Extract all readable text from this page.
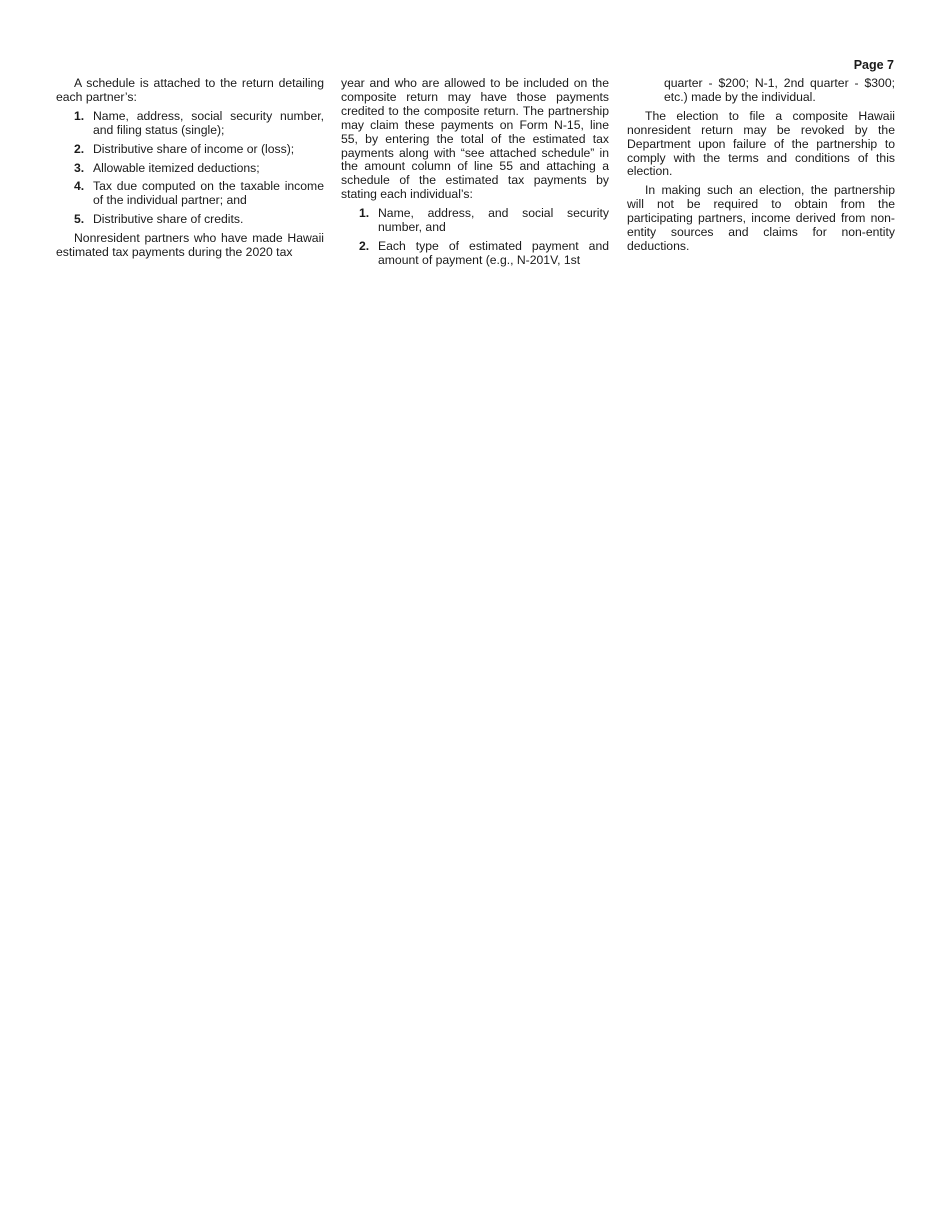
Page 7

A schedule is attached to the return detailing each partner’s:

1. Name, address, social security number, and filing status (single);
2. Distributive share of income or (loss);
3. Allowable itemized deductions;
4. Tax due computed on the taxable income of the individual partner; and
5. Distributive share of credits.

Nonresident partners who have made Hawaii estimated tax payments during the 2020 tax

year and who are allowed to be included on the composite return may have those payments credited to the composite return. The partnership may claim these payments on Form N-15, line 55, by entering the total of the estimated tax payments along with “see attached schedule” in the amount column of line 55 and attaching a schedule of the estimated tax payments by stating each individual’s:

1. Name, address, and social security number, and
2. Each type of estimated payment and amount of payment (e.g., N-201V, 1st
quarter - $200; N-1, 2nd quarter - $300; etc.) made by the individual.

The election to file a composite Hawaii nonresident return may be revoked by the Department upon failure of the partnership to comply with the terms and conditions of this election.

In making such an election, the partnership will not be required to obtain from the participating partners, income derived from non-entity sources and claims for non-entity deductions.
